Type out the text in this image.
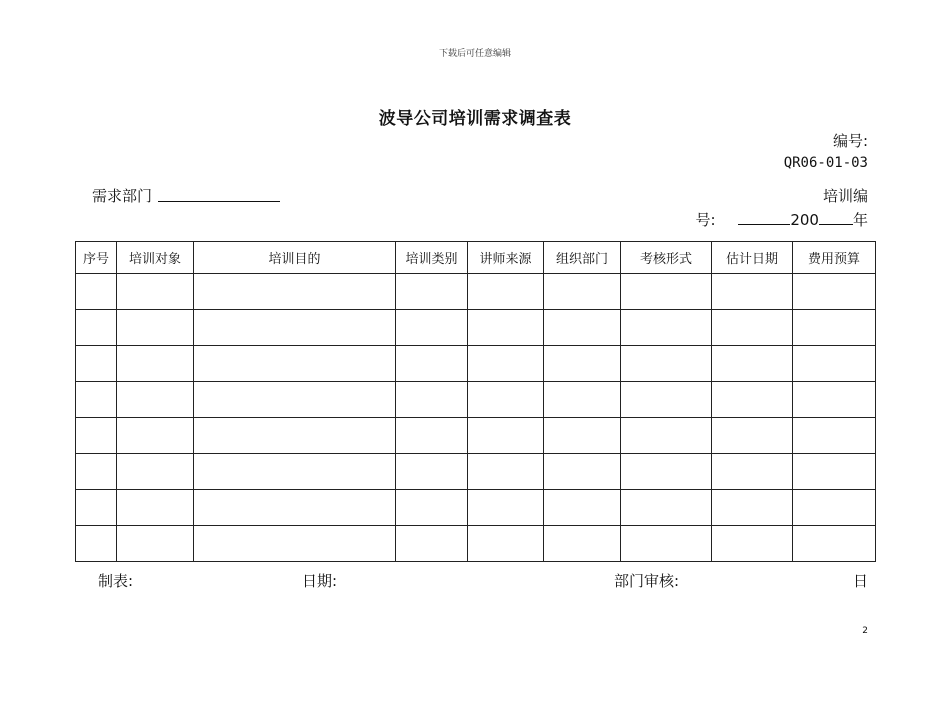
下载后可任意编辑
波导公司培训需求调查表
编号:
QR06-01-03
需求部门	培训编
号:	200 年
序号	培训对象	培训目的	培训类别	讲师来源	组织部门	考核形式	估计日期	费用预算

制表:	日期:	部门审核:	日
2
